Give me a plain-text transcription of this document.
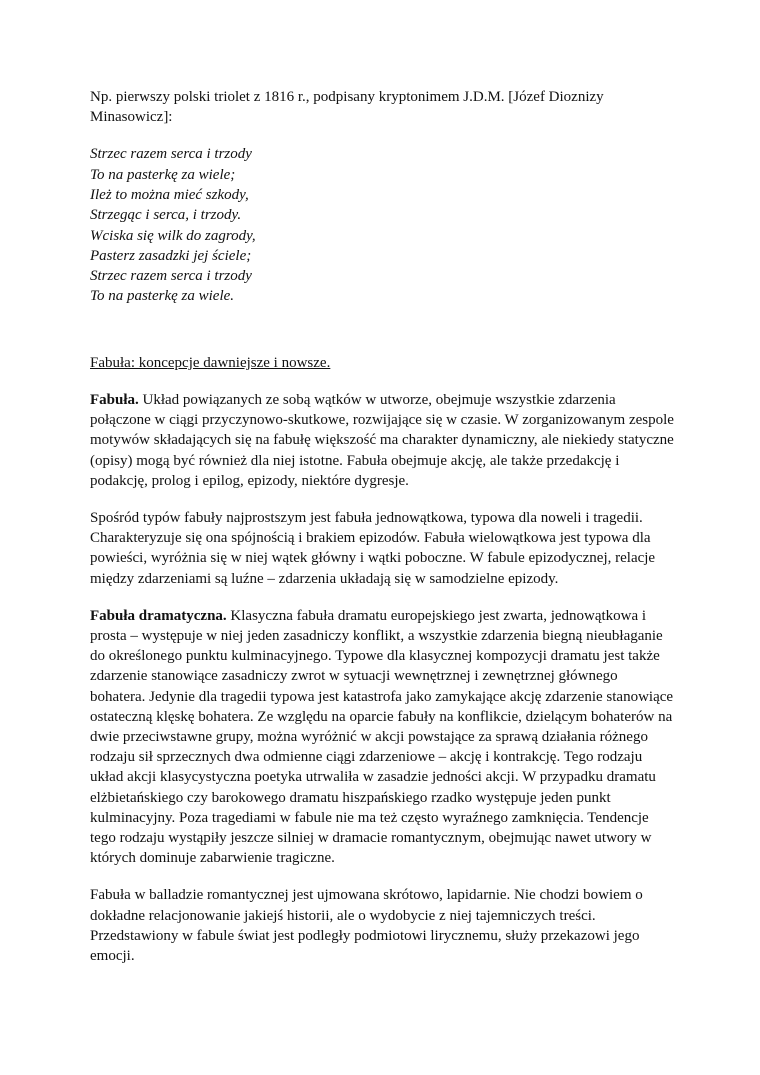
Np. pierwszy polski triolet z 1816 r., podpisany kryptonimem J.D.M. [Józef Dioznizy Minasowicz]:

Strzec razem serca i trzody
To na pasterkę za wiele;
Ileż to można mieć szkody,
Strzegąc i serca, i trzody.
Wciska się wilk do zagrody,
Pasterz zasadzki jej ściele;
Strzec razem serca i trzody
To na pasterkę za wiele.

Fabuła: koncepcje dawniejsze i nowsze.

Fabuła. Układ powiązanych ze sobą wątków w utworze, obejmuje wszystkie zdarzenia połączone w ciągi przyczynowo-skutkowe, rozwijające się w czasie. W zorganizowanym zespole motywów składających się na fabułę większość ma charakter dynamiczny, ale niekiedy statyczne (opisy) mogą być również dla niej istotne. Fabuła obejmuje akcję, ale także przedakcję i podakcję, prolog i epilog, epizody, niektóre dygresje.

Spośród typów fabuły najprostszym jest fabuła jednowątkowa, typowa dla noweli i tragedii. Charakteryzuje się ona spójnością i brakiem epizodów. Fabuła wielowątkowa jest typowa dla powieści, wyróżnia się w niej wątek główny i wątki poboczne. W fabule epizodycznej, relacje między zdarzeniami są luźne – zdarzenia układają się w samodzielne epizody.

Fabuła dramatyczna. Klasyczna fabuła dramatu europejskiego jest zwarta, jednowątkowa i prosta – występuje w niej jeden zasadniczy konflikt, a wszystkie zdarzenia biegną nieubłaganie do określonego punktu kulminacyjnego. Typowe dla klasycznej kompozycji dramatu jest także zdarzenie stanowiące zasadniczy zwrot w sytuacji wewnętrznej i zewnętrznej głównego bohatera. Jedynie dla tragedii typowa jest katastrofa jako zamykające akcję zdarzenie stanowiące ostateczną klęskę bohatera. Ze względu na oparcie fabuły na konflikcie, dzielącym bohaterów na dwie przeciwstawne grupy, można wyróżnić w akcji powstające za sprawą działania różnego rodzaju sił sprzecznych dwa odmienne ciągi zdarzeniowe – akcję i kontrakcję. Tego rodzaju układ akcji klasycystyczna poetyka utrwaliła w zasadzie jedności akcji. W przypadku dramatu elżbietańskiego czy barokowego dramatu hiszpańskiego rzadko występuje jeden punkt kulminacyjny. Poza tragediami w fabule nie ma też często wyraźnego zamknięcia. Tendencje tego rodzaju wystąpiły jeszcze silniej w dramacie romantycznym, obejmując nawet utwory w których dominuje zabarwienie tragiczne.

Fabuła w balladzie romantycznej jest ujmowana skrótowo, lapidarnie. Nie chodzi bowiem o dokładne relacjonowanie jakiejś historii, ale o wydobycie z niej tajemniczych treści. Przedstawiony w fabule świat jest podległy podmiotowi lirycznemu, służy przekazowi jego emocji.
